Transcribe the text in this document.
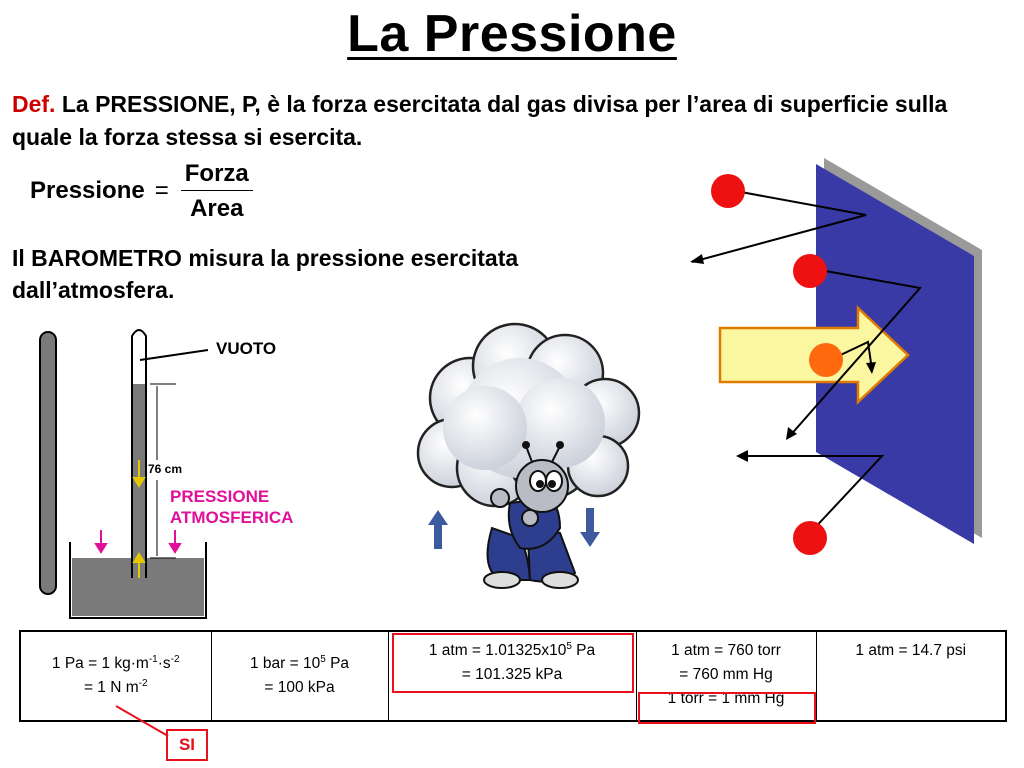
La Pressione
Def. La PRESSIONE, P, è la forza esercitata dal gas divisa per l’area di superficie sulla quale la forza stessa si esercita.
Pressione = $\frac{\text{Forza}}{\text{Area}}$
Il BAROMETRO misura la pressione esercitata dall’atmosfera.
VUOTO
76 cm
PRESSIONE
ATMOSFERICA
1 Pa = 1 $kg\cdot m^{-1}\cdot s^{-2}$
= 1 N $m^{-2}$

1 bar = $10^5$ Pa
= 100 kPa

1 atm = $1.01325x10^5$ Pa
= 101.325 kPa

1 atm = 760 torr
= 760 mm Hg
1 torr = 1 mm Hg

1 atm = 14.7 psi
SI
